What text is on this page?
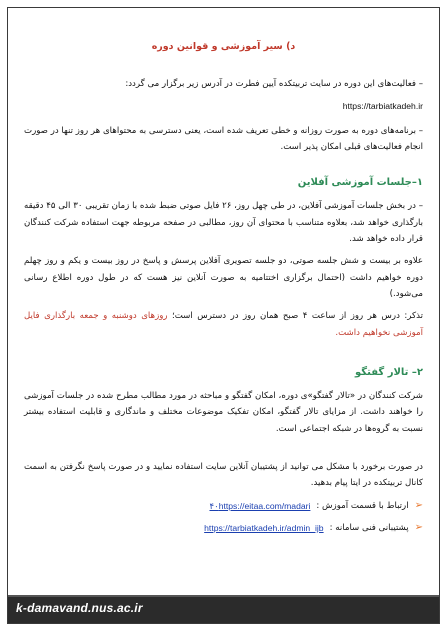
د) سیر آموزشی و قوانین دوره

– فعالیت‌های این دوره در سایت تربیتکده آیین فطرت در آدرس زیر برگزار می گردد:

https://tarbiatkadeh.ir

– برنامه‌های دوره به صورت روزانه و خطی تعریف شده است، یعنی دسترسی به محتواهای هر روز تنها در صورت انجام فعالیت‌های قبلی امکان پذیر است.

۱–جلسات آموزشی آفلاین

– در بخش جلسات آموزشی آفلاین، در طی چهل روز، ۲۶ فایل صوتی ضبط شده با زمان تقریبی ۳۰ الی ۴۵ دقیقه بارگذاری خواهد شد، بعلاوه متناسب با محتوای آن روز، مطالبی در صفحه مربوطه جهت استفاده شرکت کنندگان قرار داده خواهد شد.

علاوه بر بیست و شش جلسه صوتی، دو جلسه تصویری آفلاین پرسش و پاسخ در روز بیست و یکم و روز چهلم دوره خواهیم داشت (احتمال برگزاری اختتامیه به صورت آنلاین نیز هست که در طول دوره اطلاع رسانی می‌شود.)

تذکر: درس هر روز از ساعت ۴ صبح همان روز در دسترس است؛ روزهای دوشنبه و جمعه بارگذاری فایل آموزشی نخواهیم داشت.

۲– تالار گفتگو

شرکت کنندگان در «تالار گفتگو»ی دوره، امکان گفتگو و مباحثه در مورد مطالب مطرح شده در جلسات آموزشی را خواهند داشت. از مزایای تالار گفتگو، امکان تفکیک موضوعات مختلف و ماندگاری و قابلیت استفاده بیشتر نسبت به گروه‌ها در شبکه اجتماعی است.

در صورت برخورد با مشکل می توانید از پشتیبان آنلاین سایت استفاده نمایید و در صورت پاسخ نگرفتن به اسمت کانال تربیتکده در ایتا پیام بدهید.

➢
ارتباط با قسمت آموزش :
۴۰https://eitaa.com/madari

➢
پشتیبانی فنی سامانه :
https://tarbiatkadeh.ir/admin_ijb

k-damavand.nus.ac.ir
